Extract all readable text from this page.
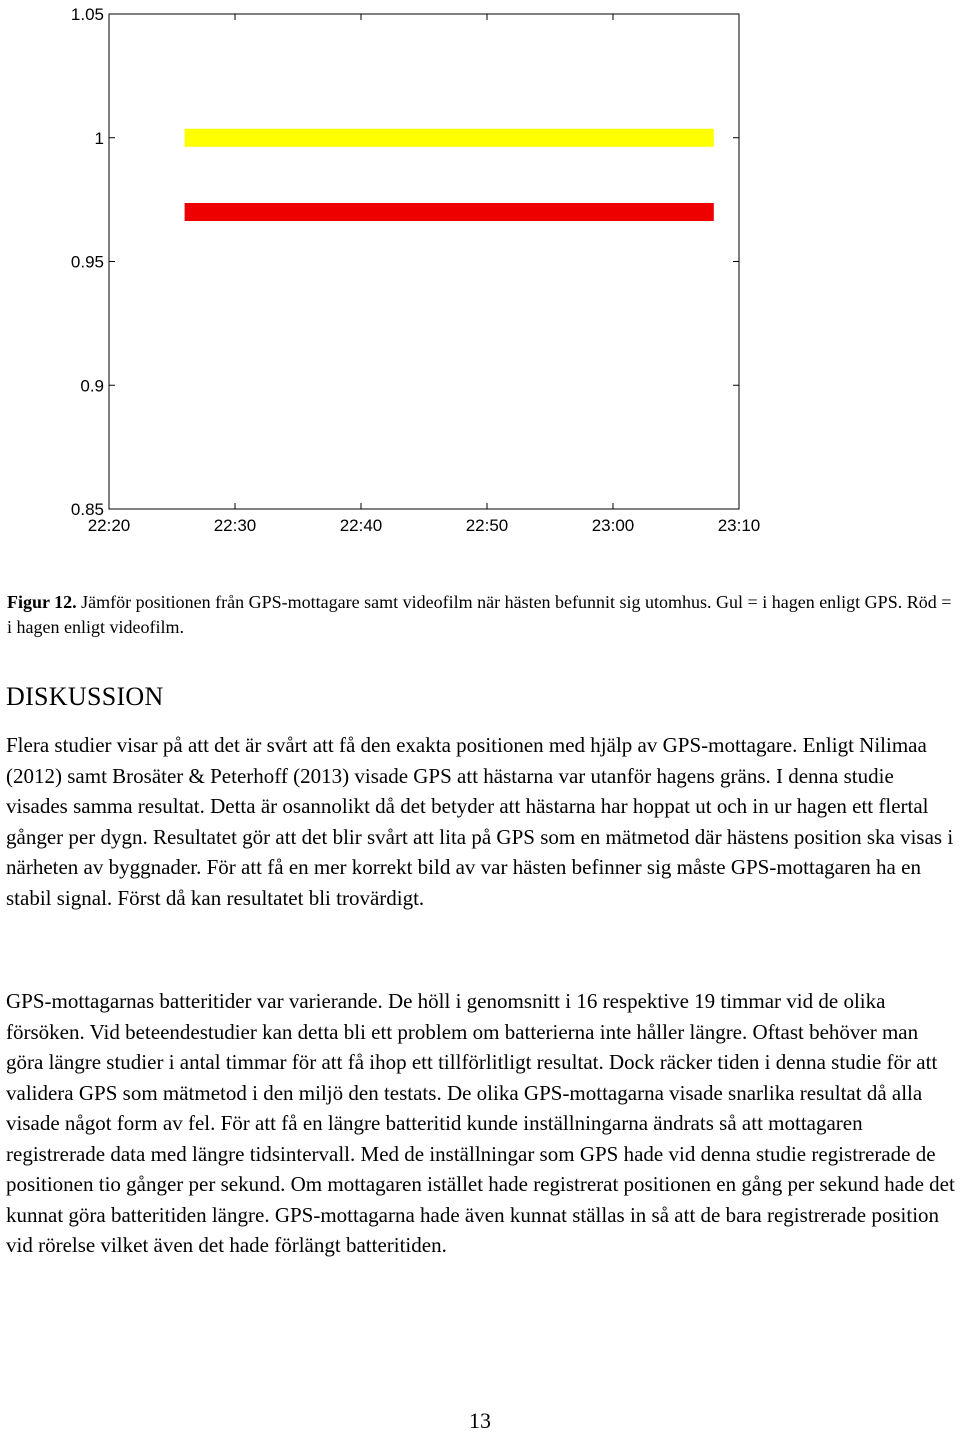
0.85
0.9
0.95
1
1.05
22:20	22:30	22:40	22:50	23:00	23:10
Figur 12. Jämför positionen från GPS-mottagare samt videofilm när hästen befunnit sig utomhus. Gul = i hagen enligt GPS. Röd = i hagen enligt videofilm.
DISKUSSION

Flera studier visar på att det är svårt att få den exakta positionen med hjälp av GPS-mottagare. Enligt Nilimaa (2012) samt Brosäter & Peterhoff (2013) visade GPS att hästarna var utanför hagens gräns. I denna studie visades samma resultat. Detta är osannolikt då det betyder att hästarna har hoppat ut och in ur hagen ett flertal gånger per dygn. Resultatet gör att det blir svårt att lita på GPS som en mätmetod där hästens position ska visas i närheten av byggnader. För att få en mer korrekt bild av var hästen befinner sig måste GPS-mottagaren ha en stabil signal. Först då kan resultatet bli trovärdigt.

GPS-mottagarnas batteritider var varierande. De höll i genomsnitt i 16 respektive 19 timmar vid de olika försöken. Vid beteendestudier kan detta bli ett problem om batterierna inte håller längre. Oftast behöver man göra längre studier i antal timmar för att få ihop ett tillförlitligt resultat. Dock räcker tiden i denna studie för att validera GPS som mätmetod i den miljö den testats. De olika GPS-mottagarna visade snarlika resultat då alla visade något form av fel. För att få en längre batteritid kunde inställningarna ändrats så att mottagaren registrerade data med längre tidsintervall. Med de inställningar som GPS hade vid denna studie registrerade de positionen tio gånger per sekund. Om mottagaren istället hade registrerat positionen en gång per sekund hade det kunnat göra batteritiden längre. GPS-mottagarna hade även kunnat ställas in så att de bara registrerade position vid rörelse vilket även det hade förlängt batteritiden.

13
